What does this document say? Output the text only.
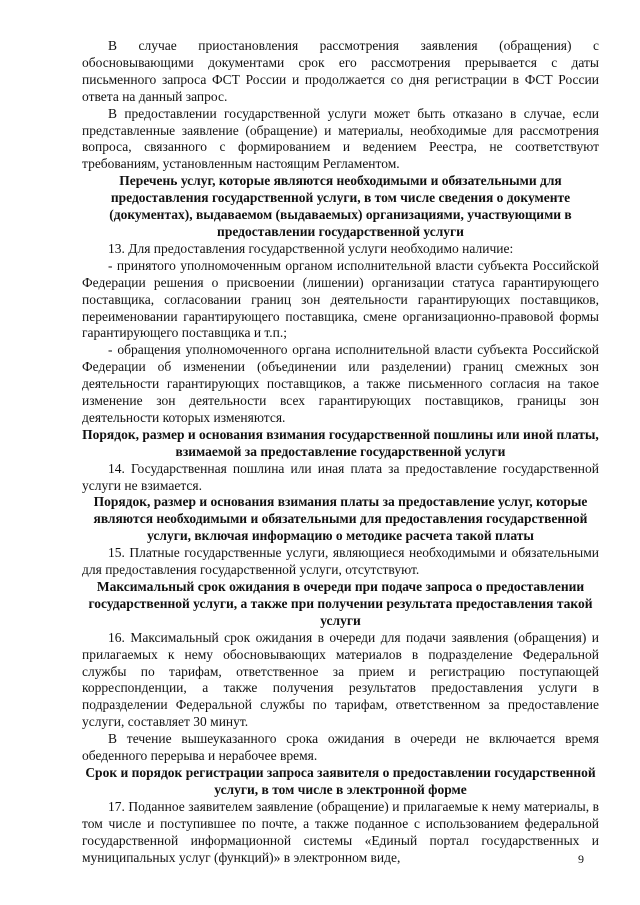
В случае приостановления рассмотрения заявления (обращения) с обосновывающими документами срок его рассмотрения прерывается с даты письменного запроса ФСТ России и продолжается со дня регистрации в ФСТ России ответа на данный запрос.

В предоставлении государственной услуги может быть отказано в случае, если представленные заявление (обращение) и материалы, необходимые для рассмотрения вопроса, связанного с формированием и ведением Реестра, не соответствуют требованиям, установленным настоящим Регламентом.

Перечень услуг, которые являются необходимыми и обязательными для предоставления государственной услуги, в том числе сведения о документе (документах), выдаваемом (выдаваемых) организациями, участвующими в предоставлении государственной услуги

13. Для предоставления государственной услуги необходимо наличие:

- принятого уполномоченным органом исполнительной власти субъекта Российской Федерации решения о присвоении (лишении) организации статуса гарантирующего поставщика, согласовании границ зон деятельности гарантирующих поставщиков, переименовании гарантирующего поставщика, смене организационно-правовой формы гарантирующего поставщика и т.п.;

- обращения уполномоченного органа исполнительной власти субъекта Российской Федерации об изменении (объединении или разделении) границ смежных зон деятельности гарантирующих поставщиков, а также письменного согласия на такое изменение зон деятельности всех гарантирующих поставщиков, границы зон деятельности которых изменяются.

Порядок, размер и основания взимания государственной пошлины или иной платы, взимаемой за предоставление государственной услуги

14. Государственная пошлина или иная плата за предоставление государственной услуги не взимается.

Порядок, размер и основания взимания платы за предоставление услуг, которые являются необходимыми и обязательными для предоставления государственной услуги, включая информацию о методике расчета такой платы

15. Платные государственные услуги, являющиеся необходимыми и обязательными для предоставления государственной услуги, отсутствуют.

Максимальный срок ожидания в очереди при подаче запроса о предоставлении государственной услуги, а также при получении результата предоставления такой услуги

16. Максимальный срок ожидания в очереди для подачи заявления (обращения) и прилагаемых к нему обосновывающих материалов в подразделение Федеральной службы по тарифам, ответственное за прием и регистрацию поступающей корреспонденции, а также получения результатов предоставления услуги в подразделении Федеральной службы по тарифам, ответственном за предоставление услуги, составляет 30 минут.

В течение вышеуказанного срока ожидания в очереди не включается время обеденного перерыва и нерабочее время.

Срок и порядок регистрации запроса заявителя о предоставлении государственной услуги, в том числе в электронной форме

17. Поданное заявителем заявление (обращение) и прилагаемые к нему материалы, в том числе и поступившее по почте, а также поданное с использованием федеральной государственной информационной системы «Единый портал государственных и муниципальных услуг (функций)» в электронном виде,	9
